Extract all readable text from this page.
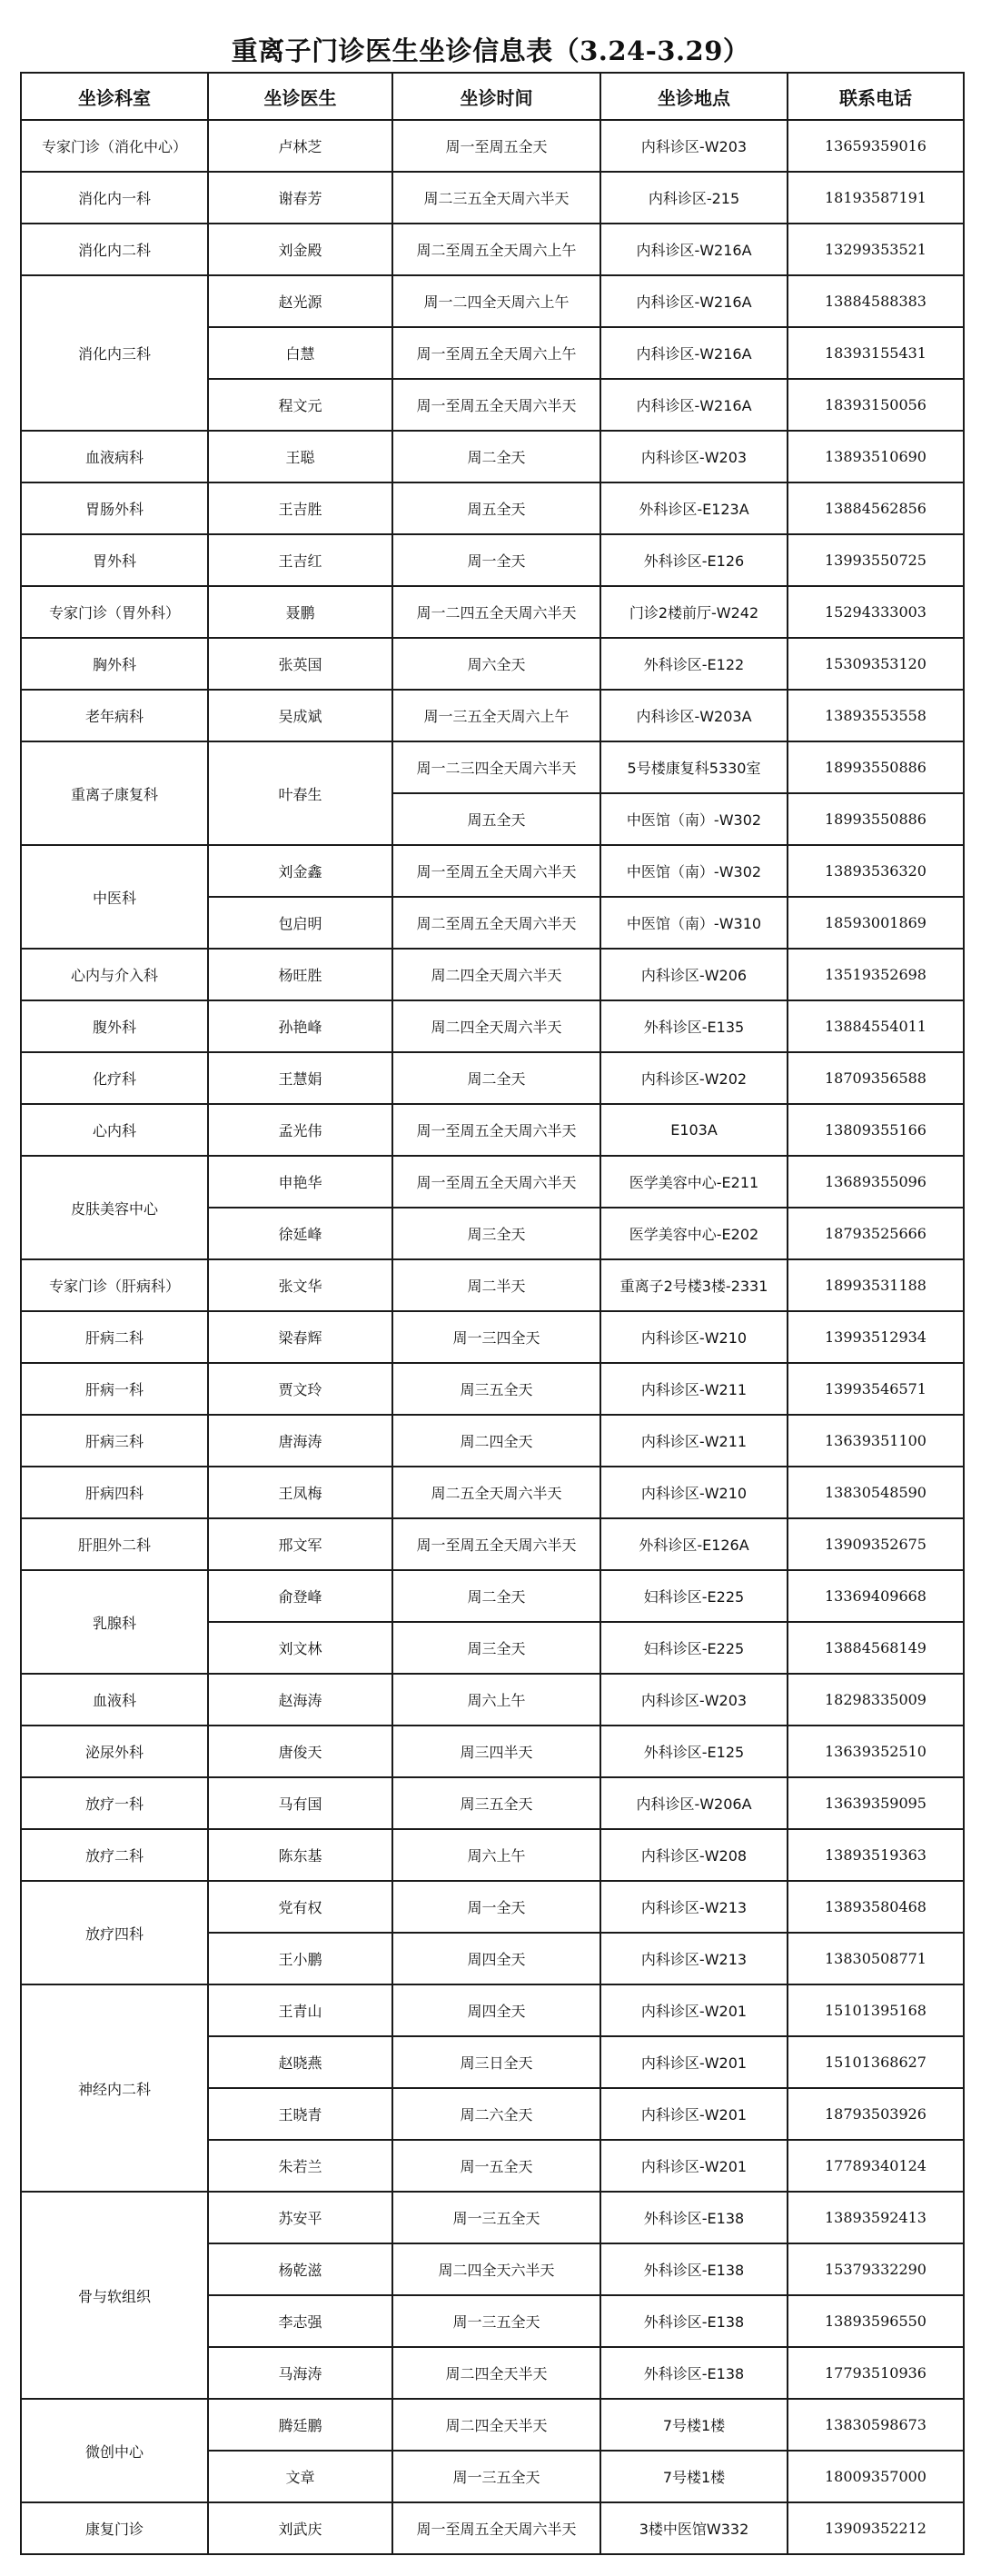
重离子门诊医生坐诊信息表 （3.24-3.29）
坐诊科室	坐诊医生	坐诊时间	坐诊地点	联系电话
专家门诊（消化中心）	卢林芝	周一至周五全天	内科诊区-W203	13659359016
消化内一科	谢春芳	周二三五全天周六半天	内科诊区-215	18193587191
消化内二科	刘金殿	周二至周五全天周六上午	内科诊区-W216A	13299353521
消化内三科	赵光源	周一二四全天周六上午	内科诊区-W216A	13884588383
	白慧	周一至周五全天周六上午	内科诊区-W216A	18393155431
	程文元	周一至周五全天周六半天	内科诊区-W216A	18393150056
血液病科	王聪	周二全天	内科诊区-W203	13893510690
胃肠外科	王吉胜	周五全天	外科诊区-E123A	13884562856
胃外科	王吉红	周一全天	外科诊区-E126	13993550725
专家门诊（胃外科）	聂鹏	周一二四五全天周六半天	门诊2楼前厅-W242	15294333003
胸外科	张英国	周六全天	外科诊区-E122	15309353120
老年病科	吴成斌	周一三五全天周六上午	内科诊区-W203A	13893553558
重离子康复科	叶春生	周一二三四全天周六半天	5号楼康复科5330室	18993550886
		周五全天	中医馆（南）-W302	18993550886
中医科	刘金鑫	周一至周五全天周六半天	中医馆（南）-W302	13893536320
	包启明	周二至周五全天周六半天	中医馆（南）-W310	18593001869
心内与介入科	杨旺胜	周二四全天周六半天	内科诊区-W206	13519352698
腹外科	孙艳峰	周二四全天周六半天	外科诊区-E135	13884554011
化疗科	王慧娟	周二全天	内科诊区-W202	18709356588
心内科	孟光伟	周一至周五全天周六半天	E103A	13809355166
皮肤美容中心	申艳华	周一至周五全天周六半天	医学美容中心-E211	13689355096
	徐延峰	周三全天	医学美容中心-E202	18793525666
专家门诊（肝病科）	张文华	周二半天	重离子2号楼3楼-2331	18993531188
肝病二科	梁春辉	周一三四全天	内科诊区-W210	13993512934
肝病一科	贾文玲	周三五全天	内科诊区-W211	13993546571
肝病三科	唐海涛	周二四全天	内科诊区-W211	13639351100
肝病四科	王凤梅	周二五全天周六半天	内科诊区-W210	13830548590
肝胆外二科	邢文军	周一至周五全天周六半天	外科诊区-E126A	13909352675
乳腺科	俞登峰	周二全天	妇科诊区-E225	13369409668
	刘文林	周三全天	妇科诊区-E225	13884568149
血液科	赵海涛	周六上午	内科诊区-W203	18298335009
泌尿外科	唐俊天	周三四半天	外科诊区-E125	13639352510
放疗一科	马有国	周三五全天	内科诊区-W206A	13639359095
放疗二科	陈东基	周六上午	内科诊区-W208	13893519363
放疗四科	党有权	周一全天	内科诊区-W213	13893580468
	王小鹏	周四全天	内科诊区-W213	13830508771
神经内二科	王青山	周四全天	内科诊区-W201	15101395168
	赵晓燕	周三日全天	内科诊区-W201	15101368627
	王晓青	周二六全天	内科诊区-W201	18793503926
	朱若兰	周一五全天	内科诊区-W201	17789340124
骨与软组织	苏安平	周一三五全天	外科诊区-E138	13893592413
	杨乾滋	周二四全天六半天	外科诊区-E138	15379332290
	李志强	周一三五全天	外科诊区-E138	13893596550
	马海涛	周二四全天半天	外科诊区-E138	17793510936
微创中心	腾廷鹏	周二四全天半天	7号楼1楼	13830598673
	文章	周一三五全天	7号楼1楼	18009357000
康复门诊	刘武庆	周一至周五全天周六半天	3楼中医馆W332	13909352212
